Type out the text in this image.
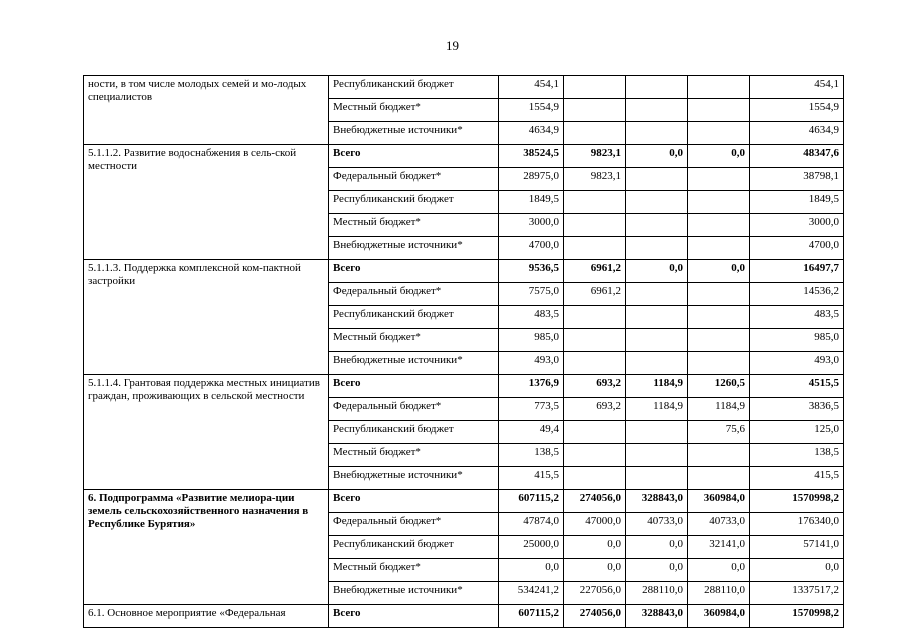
19
ности, в том числе молодых семей и мо-лодых специалистов	Республиканский бюджет	454,1				454,1
	Местный бюджет*	1554,9				1554,9
	Внебюджетные источники*	4634,9				4634,9
5.1.1.2. Развитие водоснабжения в сель-ской местности	Всего	38524,5	9823,1	0,0	0,0	48347,6
	Федеральный бюджет*	28975,0	9823,1			38798,1
	Республиканский бюджет	1849,5				1849,5
	Местный бюджет*	3000,0				3000,0
	Внебюджетные источники*	4700,0				4700,0
5.1.1.3. Поддержка комплексной ком-пактной застройки	Всего	9536,5	6961,2	0,0	0,0	16497,7
	Федеральный бюджет*	7575,0	6961,2			14536,2
	Республиканский бюджет	483,5				483,5
	Местный бюджет*	985,0				985,0
	Внебюджетные источники*	493,0				493,0
5.1.1.4. Грантовая поддержка местных инициатив граждан, проживающих в сельской местности	Всего	1376,9	693,2	1184,9	1260,5	4515,5
	Федеральный бюджет*	773,5	693,2	1184,9	1184,9	3836,5
	Республиканский бюджет	49,4			75,6	125,0
	Местный бюджет*	138,5				138,5
	Внебюджетные источники*	415,5				415,5
6. Подпрограмма «Развитие мелиора-ции земель сельскохозяйственного назначения в Республике Бурятия»	Всего	607115,2	274056,0	328843,0	360984,0	1570998,2
	Федеральный бюджет*	47874,0	47000,0	40733,0	40733,0	176340,0
	Республиканский бюджет	25000,0	0,0	0,0	32141,0	57141,0
	Местный бюджет*	0,0	0,0	0,0	0,0	0,0
	Внебюджетные источники*	534241,2	227056,0	288110,0	288110,0	1337517,2
6.1. Основное мероприятие «Федеральная	Всего	607115,2	274056,0	328843,0	360984,0	1570998,2
